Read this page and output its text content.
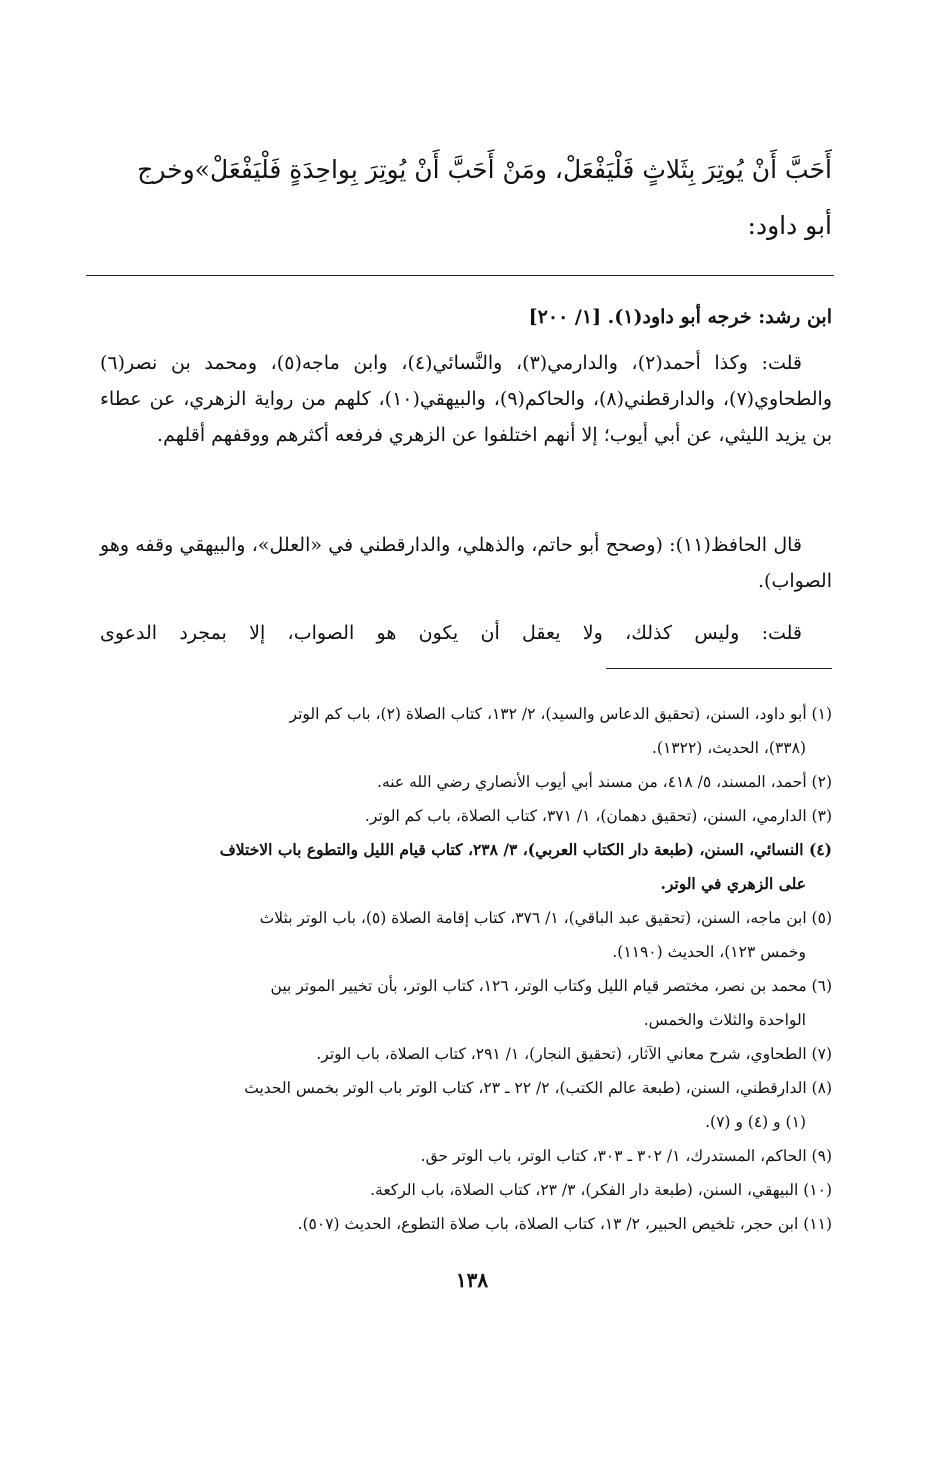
أَحَبَّ أَنْ يُوتِرَ بِثَلاثٍ فَلْيَفْعَلْ، ومَنْ أَحَبَّ أَنْ يُوتِرَ بِواحِدَةٍ فَلْيَفْعَلْ»وخرج
أبو داود:
ابن رشد: خرجه أبو داود(١). [١/ ٢٠٠]
قلت: وكذا أحمد(٢)، والدارمي(٣)، والنَّسائي(٤)، وابن ماجه(٥)، ومحمد بن نصر(٦) والطحاوي(٧)، والدارقطني(٨)، والحاكم(٩)، والبيهقي(١٠)، كلهم من رواية الزهري، عن عطاء بن يزيد الليثي، عن أبي أيوب؛ إلا أنهم اختلفوا عن الزهري فرفعه أكثرهم ووقفهم أقلهم.
قال الحافظ(١١): (وصحح أبو حاتم، والذهلي، والدارقطني في «العلل»، والبيهقي وقفه وهو الصواب).
قلت: وليس كذلك، ولا يعقل أن يكون هو الصواب، إلا بمجرد الدعوى
(١) أبو داود، السنن، (تحقيق الدعاس والسيد)، ٢/ ١٣٢، كتاب الصلاة (٢)، باب كم الوتر
(٣٣٨)، الحديث، (١٣٢٢).
(٢) أحمد، المسند، ٥/ ٤١٨، من مسند أبي أيوب الأنصاري رضي الله عنه.
(٣) الدارمي، السنن، (تحقيق دهمان)، ١/ ٣٧١، كتاب الصلاة، باب كم الوتر.
(٤) النسائي، السنن، (طبعة دار الكتاب العربي)، ٣/ ٢٣٨، كتاب قيام الليل والتطوع باب الاختلاف
على الزهري في الوتر.
(٥) ابن ماجه، السنن، (تحقيق عبد الباقي)، ١/ ٣٧٦، كتاب إقامة الصلاة (٥)، باب الوتر بثلاث
وخمس ١٢٣)، الحديث (١١٩٠).
(٦) محمد بن نصر، مختصر قيام الليل وكتاب الوتر، ١٢٦، كتاب الوتر، بأن تخيير الموتر بين
الواحدة والثلاث والخمس.
(٧) الطحاوي، شرح معاني الآثار، (تحقيق النجار)، ١/ ٢٩١، كتاب الصلاة، باب الوتر.
(٨) الدارقطني، السنن، (طبعة عالم الكتب)، ٢/ ٢٢ ـ ٢٣، كتاب الوتر باب الوتر بخمس الحديث
(١) و (٤) و (٧).
(٩) الحاكم، المستدرك، ١/ ٣٠٢ ـ ٣٠٣، كتاب الوتر، باب الوتر حق.
(١٠) البيهقي، السنن، (طبعة دار الفكر)، ٣/ ٢٣، كتاب الصلاة، باب الركعة.
(١١) ابن حجر، تلخيص الحبير، ٢/ ١٣، كتاب الصلاة، باب صلاة التطوع، الحديث (٥٠٧).
١٣٨
